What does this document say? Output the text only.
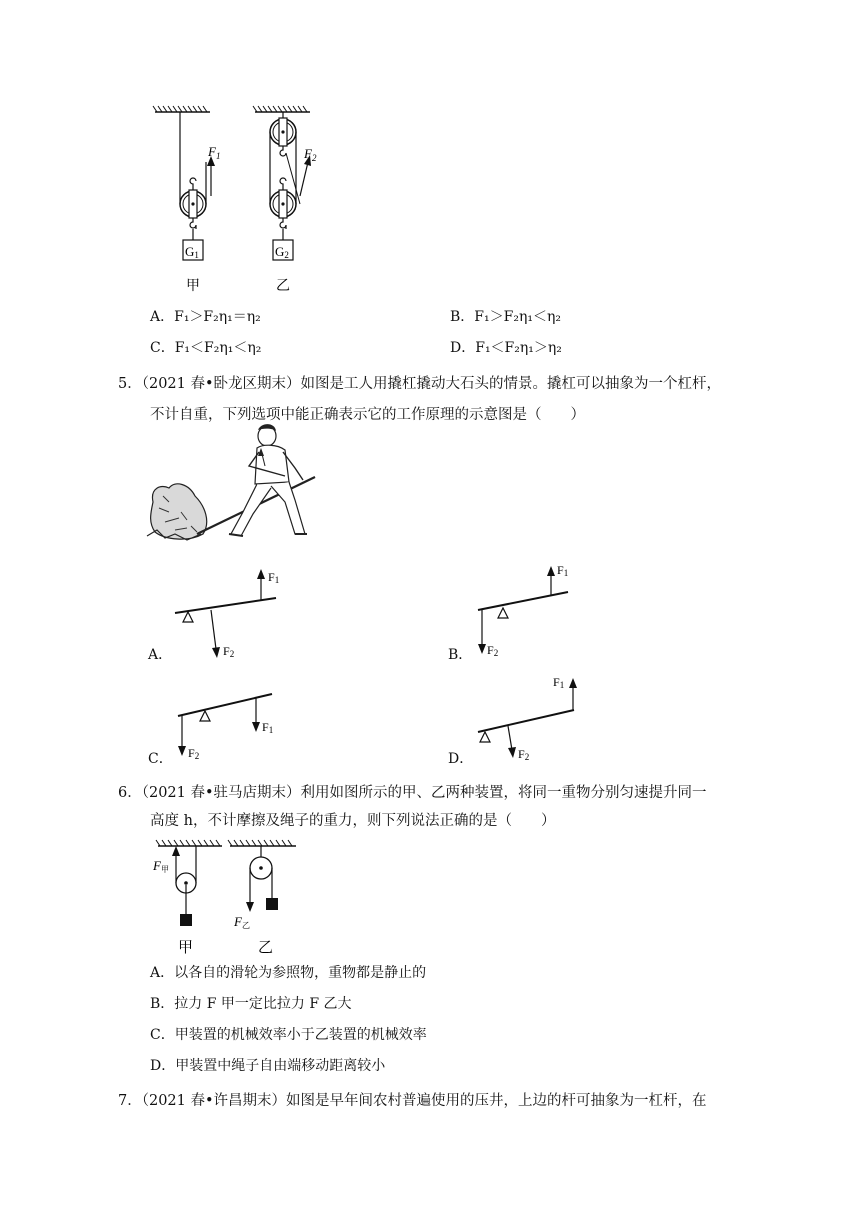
$F_1$	$F_2$
G1	G2
甲	乙
A．F₁＞F₂η₁＝η₂	B．F₁＞F₂η₁＜η₂
C．F₁＜F₂η₁＜η₂	D．F₁＜F₂η₁＞η₂
5．（2021 春•卧龙区期末）如图是工人用撬杠撬动大石头的情景。撬杠可以抽象为一个杠杆，
不计自重，下列选项中能正确表示它的工作原理的示意图是（　　）
F1
F2
A．
F1
F2
B．
F1
F2
C．
F1
F2
D．
6．（2021 春•驻马店期末）利用如图所示的甲、乙两种装置，将同一重物分别匀速提升同一
高度 h，不计摩擦及绳子的重力，则下列说法正确的是（　　）
F甲
F乙
甲	乙
A．以各自的滑轮为参照物，重物都是静止的
B．拉力 F 甲一定比拉力 F 乙大
C．甲装置的机械效率小于乙装置的机械效率
D．甲装置中绳子自由端移动距离较小
7．（2021 春•许昌期末）如图是早年间农村普遍使用的压井，上边的杆可抽象为一杠杆，在
